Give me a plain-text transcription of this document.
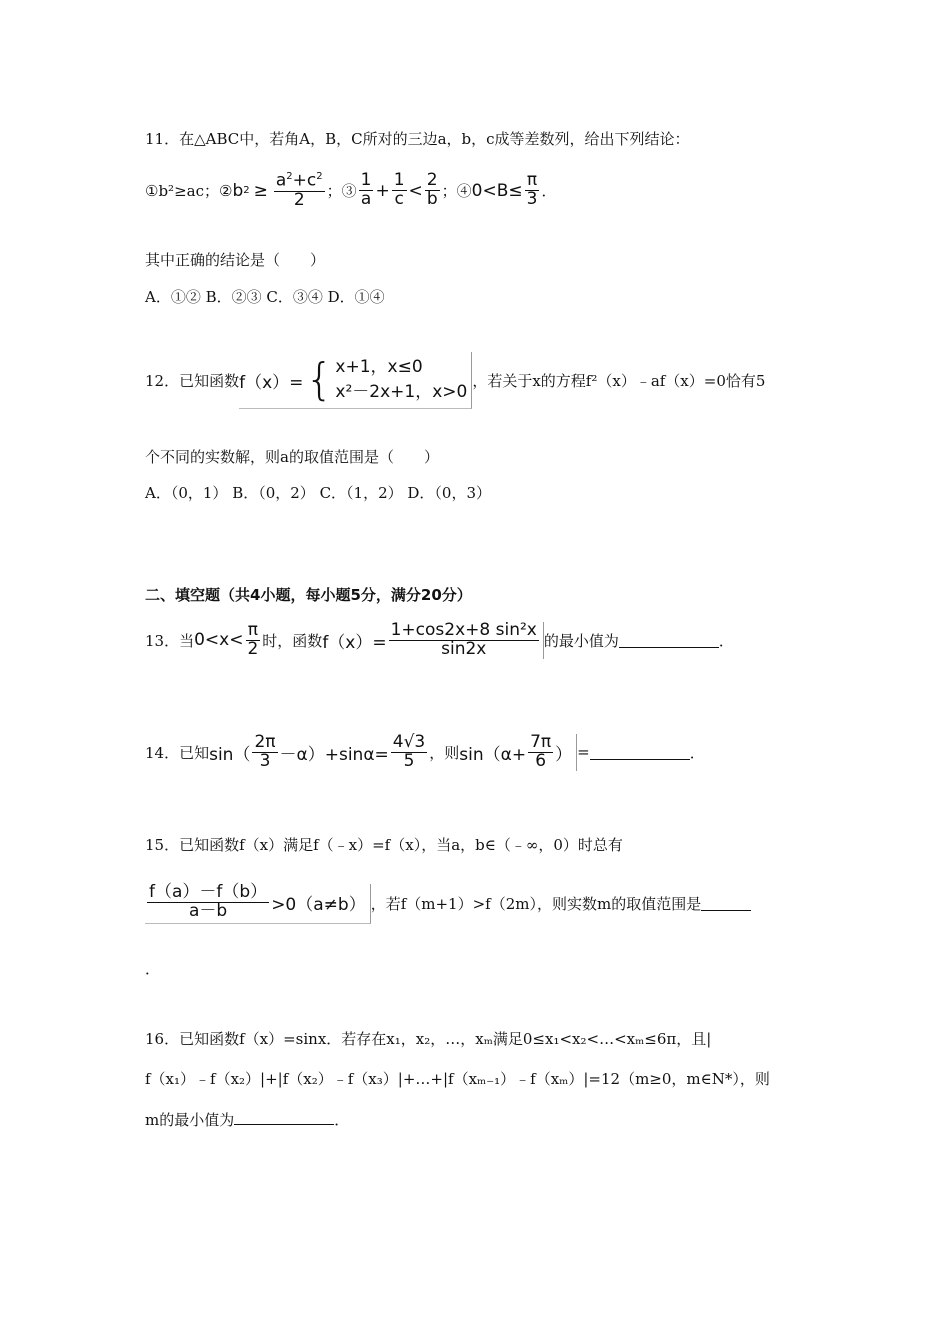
11．在△ABC中，若角A，B，C所对的三边a，b，c成等差数列，给出下列结论：
①b²≥ac；② b $2 \ge \frac{a^2+c^2}{2}$ ；③ $\frac{1}{a} + \frac{1}{c} < \frac{2}{b}$ ；④ $0<B\le \frac{\pi}{3}$ ．
其中正确的结论是（　　）
A．①② B．②③ C．③④ D．①④
12．已知函数 f（x）= { x+1，x≤0
x²－2x+1，x>0
，若关于x的方程f²（x）﹣af（x）=0恰有5
个不同的实数解，则a的取值范围是（　　）
A．（0，1） B．（0，2） C．（1，2） D．（0，3）
二、填空题（共4小题，每小题5分，满分20分）
13．当 $0<x< \frac{\pi}{2}$ 时，函数 $f(x)= \frac{\text{1+cos2x+8 sin²x}}{\sin 2x}$ 的最小值为	．
14．已知 $\sin( \frac{2\pi}{3} -\alpha)+\sin\alpha= \frac{4√3}{5}$ ，则 $\sin(\alpha+ \frac{7\pi}{6}$ ） =	．
15．已知函数f（x）满足f（﹣x）=f（x），当a，b∈（﹣∞，0）时总有
$\frac{f(a)-f(b)}{a-b} >0(a\ne b)$ ，若f（m+1）>f（2m），则实数m的取值范围是
．
16．已知函数f（x）=sinx．若存在x₁，x₂，…，xₘ满足0≤x₁<x₂<…<xₘ≤6π，且|
f（x₁）﹣f（x₂）|+|f（x₂）﹣f（x₃）|+…+|f（xₘ₋₁）﹣f（xₘ）|=12（m≥0，m∈N*），则
m的最小值为	．
